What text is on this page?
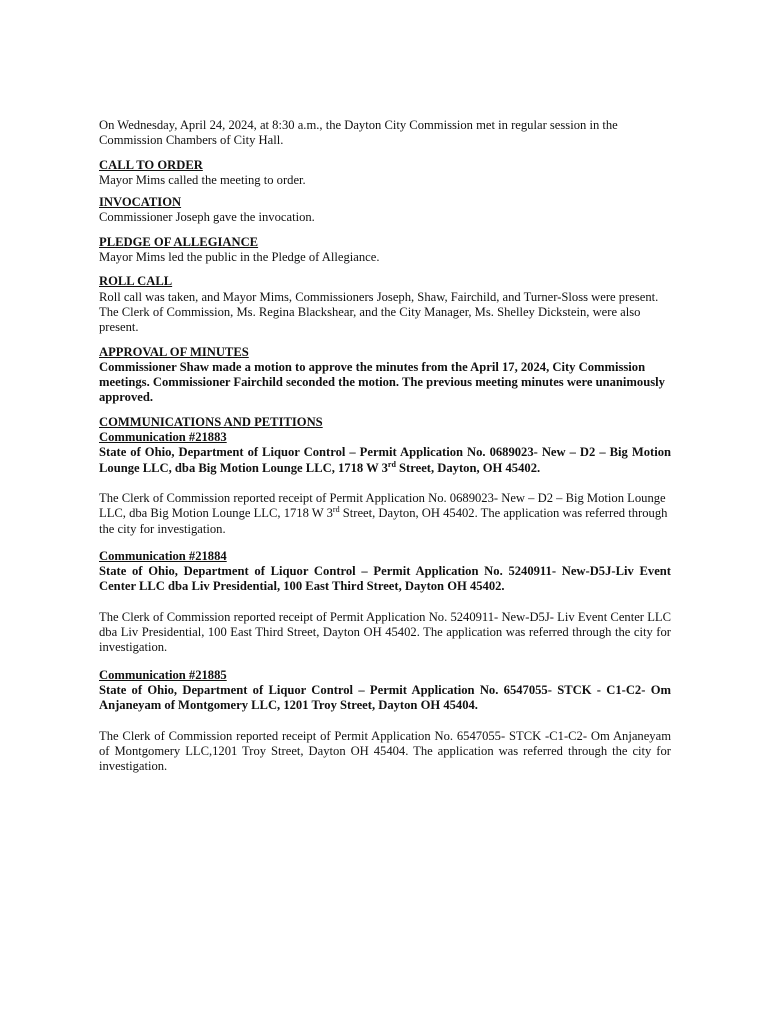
On Wednesday, April 24, 2024, at 8:30 a.m., the Dayton City Commission met in regular session in the Commission Chambers of City Hall.

CALL TO ORDER

Mayor Mims called the meeting to order.

INVOCATION

Commissioner Joseph gave the invocation.

PLEDGE OF ALLEGIANCE

Mayor Mims led the public in the Pledge of Allegiance.

ROLL CALL

Roll call was taken, and Mayor Mims, Commissioners Joseph, Shaw, Fairchild, and Turner-Sloss were present. The Clerk of Commission, Ms. Regina Blackshear, and the City Manager, Ms. Shelley Dickstein, were also present.

APPROVAL OF MINUTES

Commissioner Shaw made a motion to approve the minutes from the April 17, 2024, City Commission meetings. Commissioner Fairchild seconded the motion. The previous meeting minutes were unanimously approved.

COMMUNICATIONS AND PETITIONS
Communication #21883

State of Ohio, Department of Liquor Control – Permit Application No. 0689023- New – D2 – Big Motion Lounge LLC, dba Big Motion Lounge LLC, 1718 W 3rd Street, Dayton, OH 45402.

The Clerk of Commission reported receipt of Permit Application No. 0689023- New – D2 – Big Motion Lounge LLC, dba Big Motion Lounge LLC, 1718 W 3rd Street, Dayton, OH 45402. The application was referred through the city for investigation.

Communication #21884

State of Ohio, Department of Liquor Control – Permit Application No. 5240911- New-D5J-Liv Event Center LLC dba Liv Presidential, 100 East Third Street, Dayton OH 45402.

The Clerk of Commission reported receipt of Permit Application No. 5240911- New-D5J- Liv Event Center LLC dba Liv Presidential, 100 East Third Street, Dayton OH 45402. The application was referred through the city for investigation.

Communication #21885

State of Ohio, Department of Liquor Control – Permit Application No. 6547055- STCK - C1-C2- Om Anjaneyam of Montgomery LLC, 1201 Troy Street, Dayton OH 45404.

The Clerk of Commission reported receipt of Permit Application No. 6547055- STCK -C1-C2- Om Anjaneyam of Montgomery LLC,1201 Troy Street, Dayton OH 45404. The application was referred through the city for investigation.
